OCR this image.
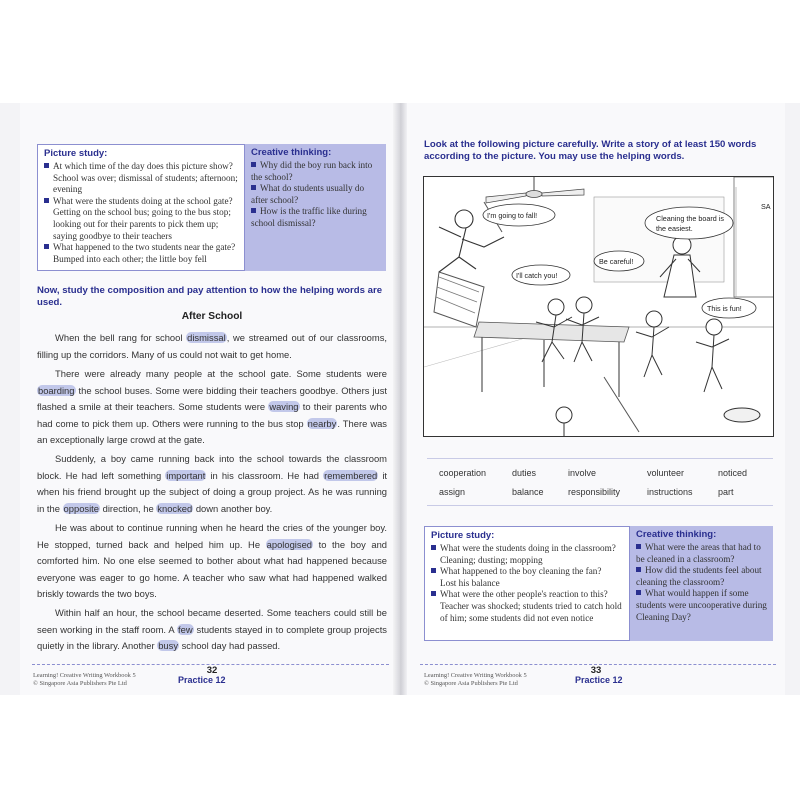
Picture study:
At which time of the day does this picture show?
School was over; dismissal of students; afternoon; evening
What were the students doing at the school gate?
Getting on the school bus; going to the bus stop; looking out for their parents to pick them up; saying goodbye to their teachers
What happened to the two students near the gate?
Bumped into each other; the little boy fell
Creative thinking:
Why did the boy run back into the school?
What do students usually do after school?
How is the traffic like during school dismissal?
Now, study the composition and pay attention to how the helping words are used.
After School
When the bell rang for school dismissal, we streamed out of our classrooms, filling up the corridors. Many of us could not wait to get home.
There were already many people at the school gate. Some students were boarding the school buses. Some were bidding their teachers goodbye. Others just flashed a smile at their teachers. Some students were waving to their parents who had come to pick them up. Others were running to the bus stop nearby. There was an exceptionally large crowd at the gate.
Suddenly, a boy came running back into the school towards the classroom block. He had left something important in his classroom. He had remembered it when his friend brought up the subject of doing a group project. As he was running in the opposite direction, he knocked down another boy.
He was about to continue running when he heard the cries of the younger boy. He stopped, turned back and helped him up. He apologised to the boy and comforted him. No one else seemed to bother about what had happened because everyone was eager to go home. A teacher who saw what had happened walked briskly towards the two boys.
Within half an hour, the school became deserted. Some teachers could still be seen working in the staff room. A few students stayed in to complete group projects quietly in the library. Another busy school day had passed.
32
Practice 12
Learning! Creative Writing Workbook 5
© Singapore Asia Publishers Pte Ltd
Look at the following picture carefully. Write a story of at least 150 words according to the picture. You may use the helping words.
I'm going to fall!
I'll catch you!
Be careful!
Cleaning the board is
the easiest.
This is fun!
SA
cooperation	duties	involve	volunteer	noticed
assign	balance	responsibility	instructions	part
Picture study:
What were the students doing in the classroom?
Cleaning; dusting; mopping
What happened to the boy cleaning the fan?
Lost his balance
What were the other people's reaction to this?
Teacher was shocked; students tried to catch hold of him; some students did not even notice
Creative thinking:
What were the areas that had to be cleaned in a classroom?
How did the students feel about cleaning the classroom?
What would happen if some students were uncooperative during Cleaning Day?
33
Practice 12
Learning! Creative Writing Workbook 5
© Singapore Asia Publishers Pte Ltd
